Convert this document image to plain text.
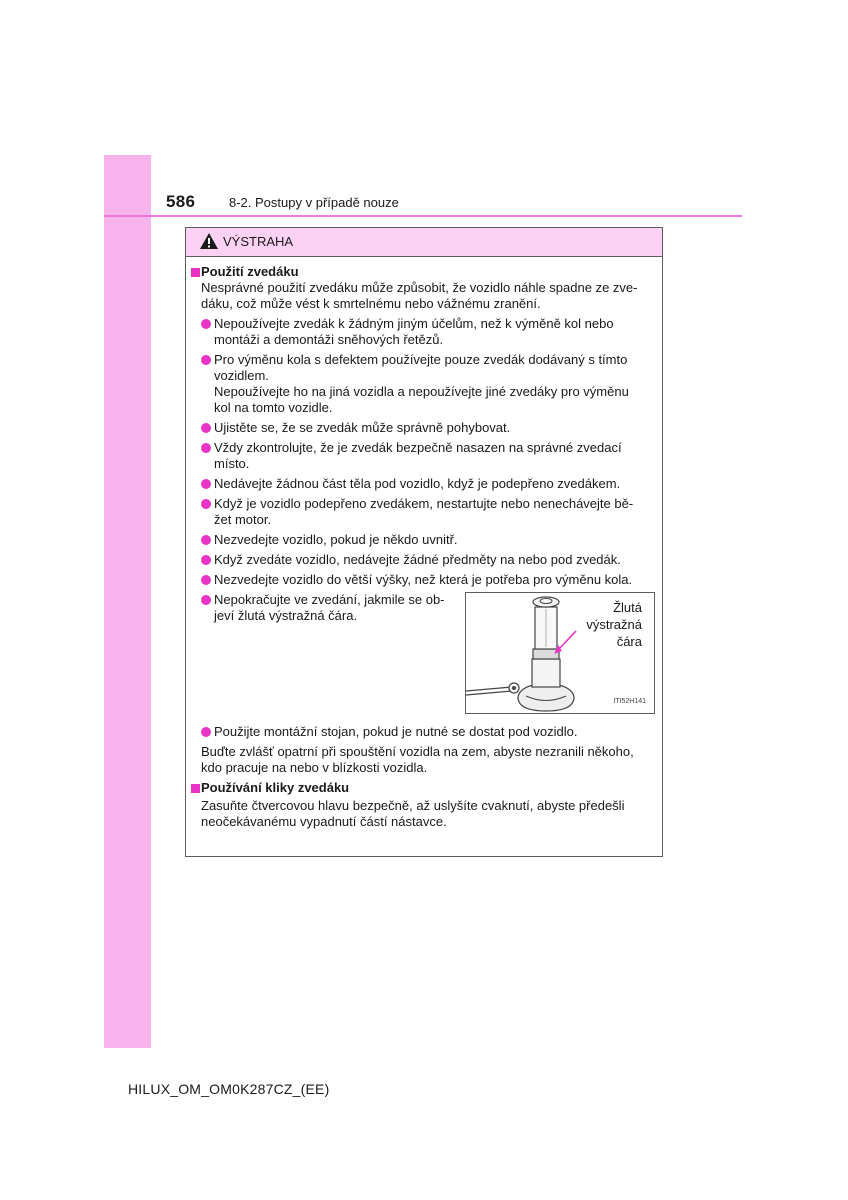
586	8-2. Postupy v případě nouze
VÝSTRAHA
Použití zvedáku
Nesprávné použití zvedáku může způsobit, že vozidlo náhle spadne ze zve-
dáku, což může vést k smrtelnému nebo vážnému zranění.
Nepoužívejte zvedák k žádným jiným účelům, než k výměně kol nebo
montáži a demontáži sněhových řetězů.
Pro výměnu kola s defektem používejte pouze zvedák dodávaný s tímto
vozidlem.
Nepoužívejte ho na jiná vozidla a nepoužívejte jiné zvedáky pro výměnu
kol na tomto vozidle.
Ujistěte se, že se zvedák může správně pohybovat.
Vždy zkontrolujte, že je zvedák bezpečně nasazen na správné zvedací
místo.
Nedávejte žádnou část těla pod vozidlo, když je podepřeno zvedákem.
Když je vozidlo podepřeno zvedákem, nestartujte nebo nenechávejte bě-
žet motor.
Nezvedejte vozidlo, pokud je někdo uvnitř.
Když zvedáte vozidlo, nedávejte žádné předměty na nebo pod zvedák.
Nezvedejte vozidlo do větší výšky, než která je potřeba pro výměnu kola.
Nepokračujte ve zvedání, jakmile se ob-
jeví žlutá výstražná čára.
Žlutá
výstražná
čára
ITI52H141
Použijte montážní stojan, pokud je nutné se dostat pod vozidlo.
Buďte zvlášť opatrní při spouštění vozidla na zem, abyste nezranili někoho,
kdo pracuje na nebo v blízkosti vozidla.
Používání kliky zvedáku
Zasuňte čtvercovou hlavu bezpečně, až uslyšíte cvaknutí, abyste předešli
neočekávanému vypadnutí částí nástavce.
HILUX_OM_OM0K287CZ_(EE)
